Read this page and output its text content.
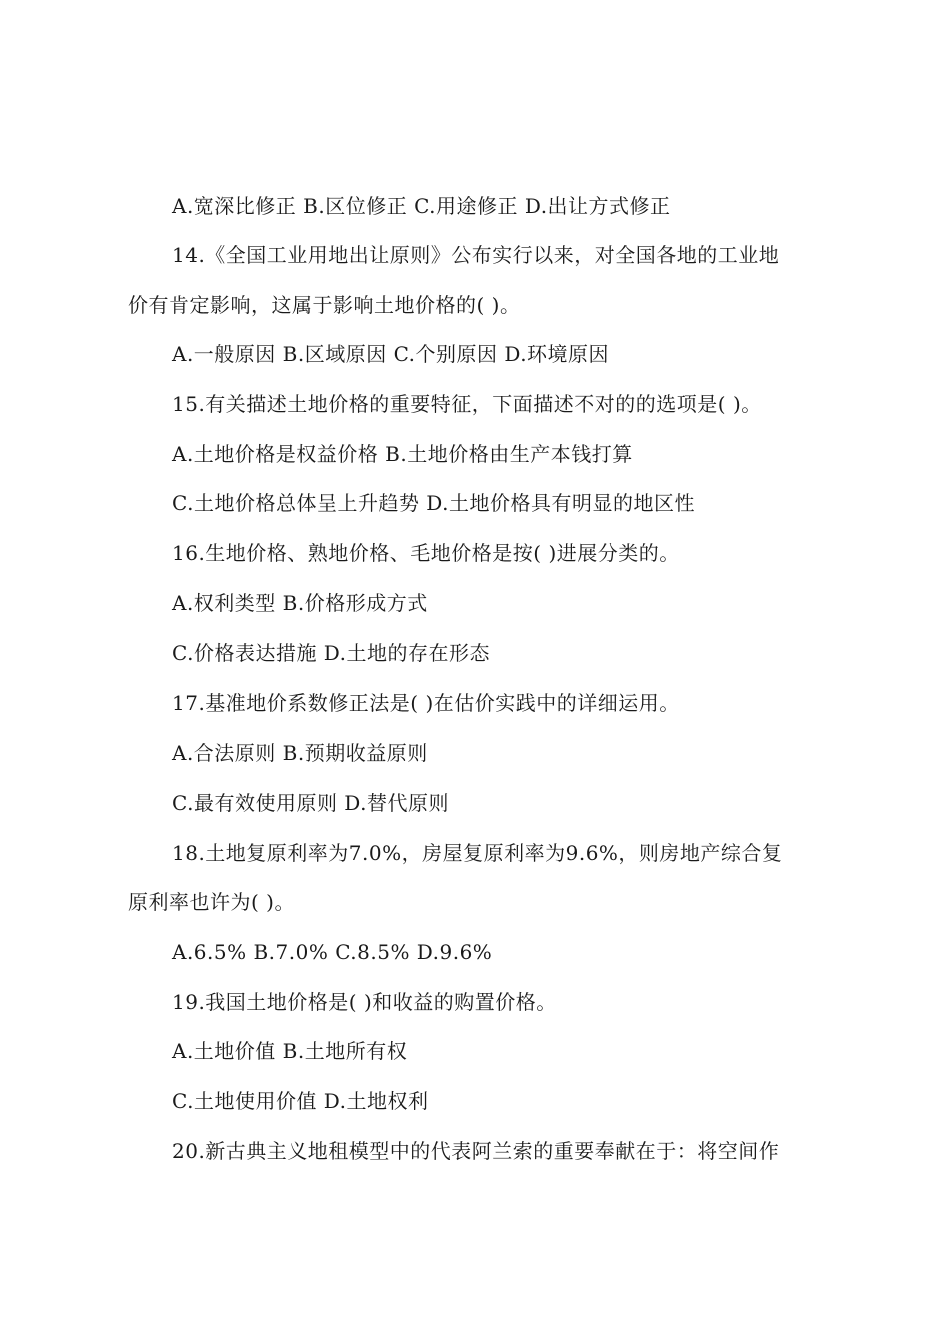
A.宽深比修正 B.区位修正 C.用途修正 D.出让方式修正
14.《全国工业用地出让原则》公布实行以来，对全国各地的工业地
价有肯定影响，这属于影响土地价格的( )。
A.一般原因 B.区域原因 C.个别原因 D.环境原因
15.有关描述土地价格的重要特征，下面描述不对的的选项是( )。
A.土地价格是权益价格 B.土地价格由生产本钱打算
C.土地价格总体呈上升趋势 D.土地价格具有明显的地区性
16.生地价格、熟地价格、毛地价格是按( )进展分类的。
A.权利类型 B.价格形成方式
C.价格表达措施 D.土地的存在形态
17.基准地价系数修正法是( )在估价实践中的详细运用。
A.合法原则 B.预期收益原则
C.最有效使用原则 D.替代原则
18.土地复原利率为7.0%，房屋复原利率为9.6%，则房地产综合复
原利率也许为( )。
A.6.5% B.7.0% C.8.5% D.9.6%
19.我国土地价格是( )和收益的购置价格。
A.土地价值 B.土地所有权
C.土地使用价值 D.土地权利
20.新古典主义地租模型中的代表阿兰索的重要奉献在于：将空间作
